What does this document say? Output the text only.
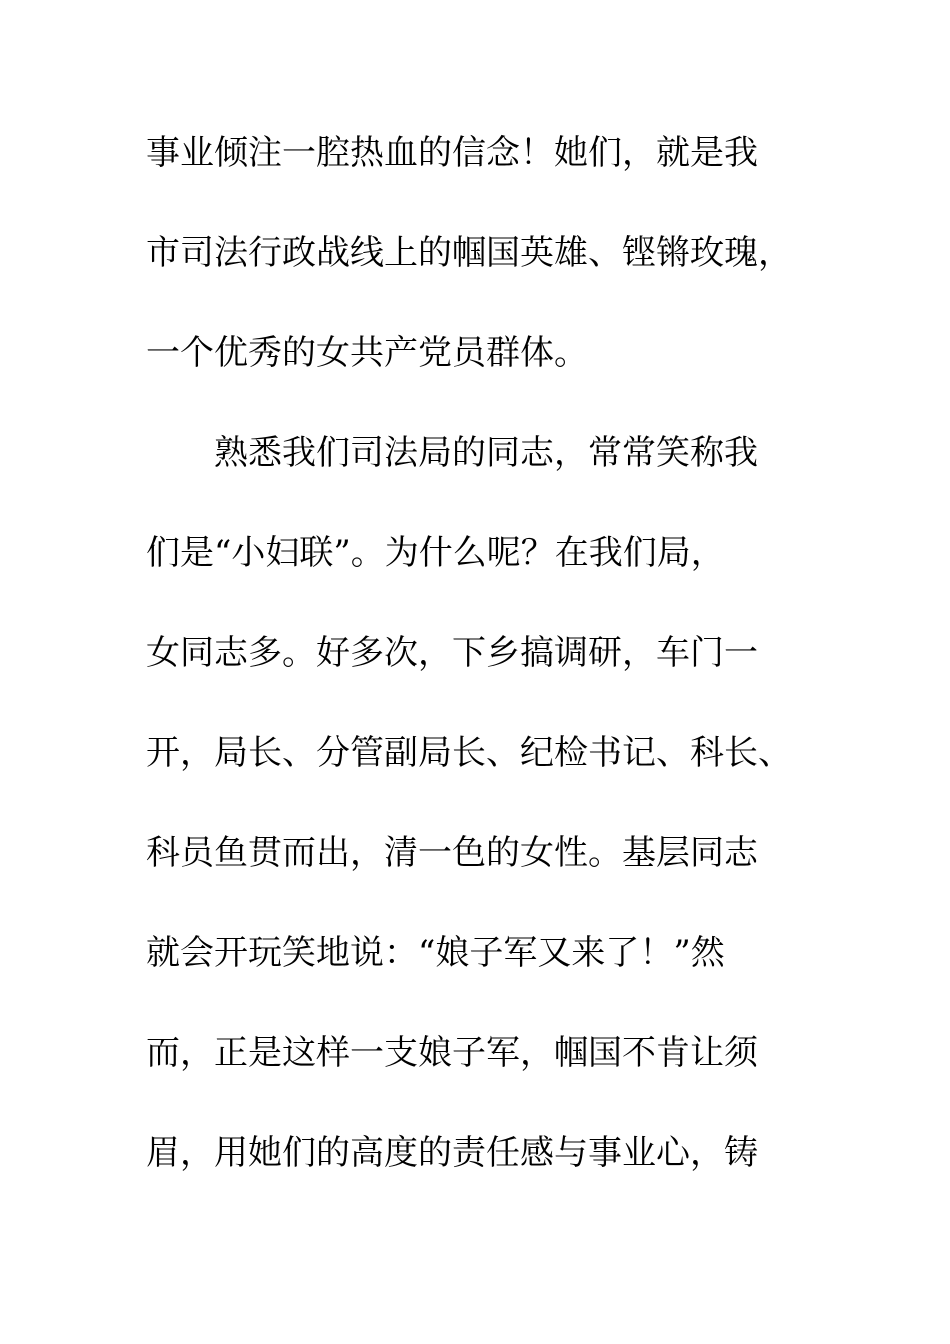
事业倾注一腔热血的信念！她们，就是我
市司法行政战线上的帼国英雄、铿锵玫瑰，
一个优秀的女共产党员群体。
熟悉我们司法局的同志，常常笑称我
们是“小妇联”。为什么呢？在我们局，
女同志多。好多次，下乡搞调研，车门一
开，局长、分管副局长、纪检书记、科长、
科员鱼贯而出，清一色的女性。基层同志
就会开玩笑地说：“娘子军又来了！”然
而，正是这样一支娘子军，帼国不肯让须
眉，用她们的高度的责任感与事业心，铸
